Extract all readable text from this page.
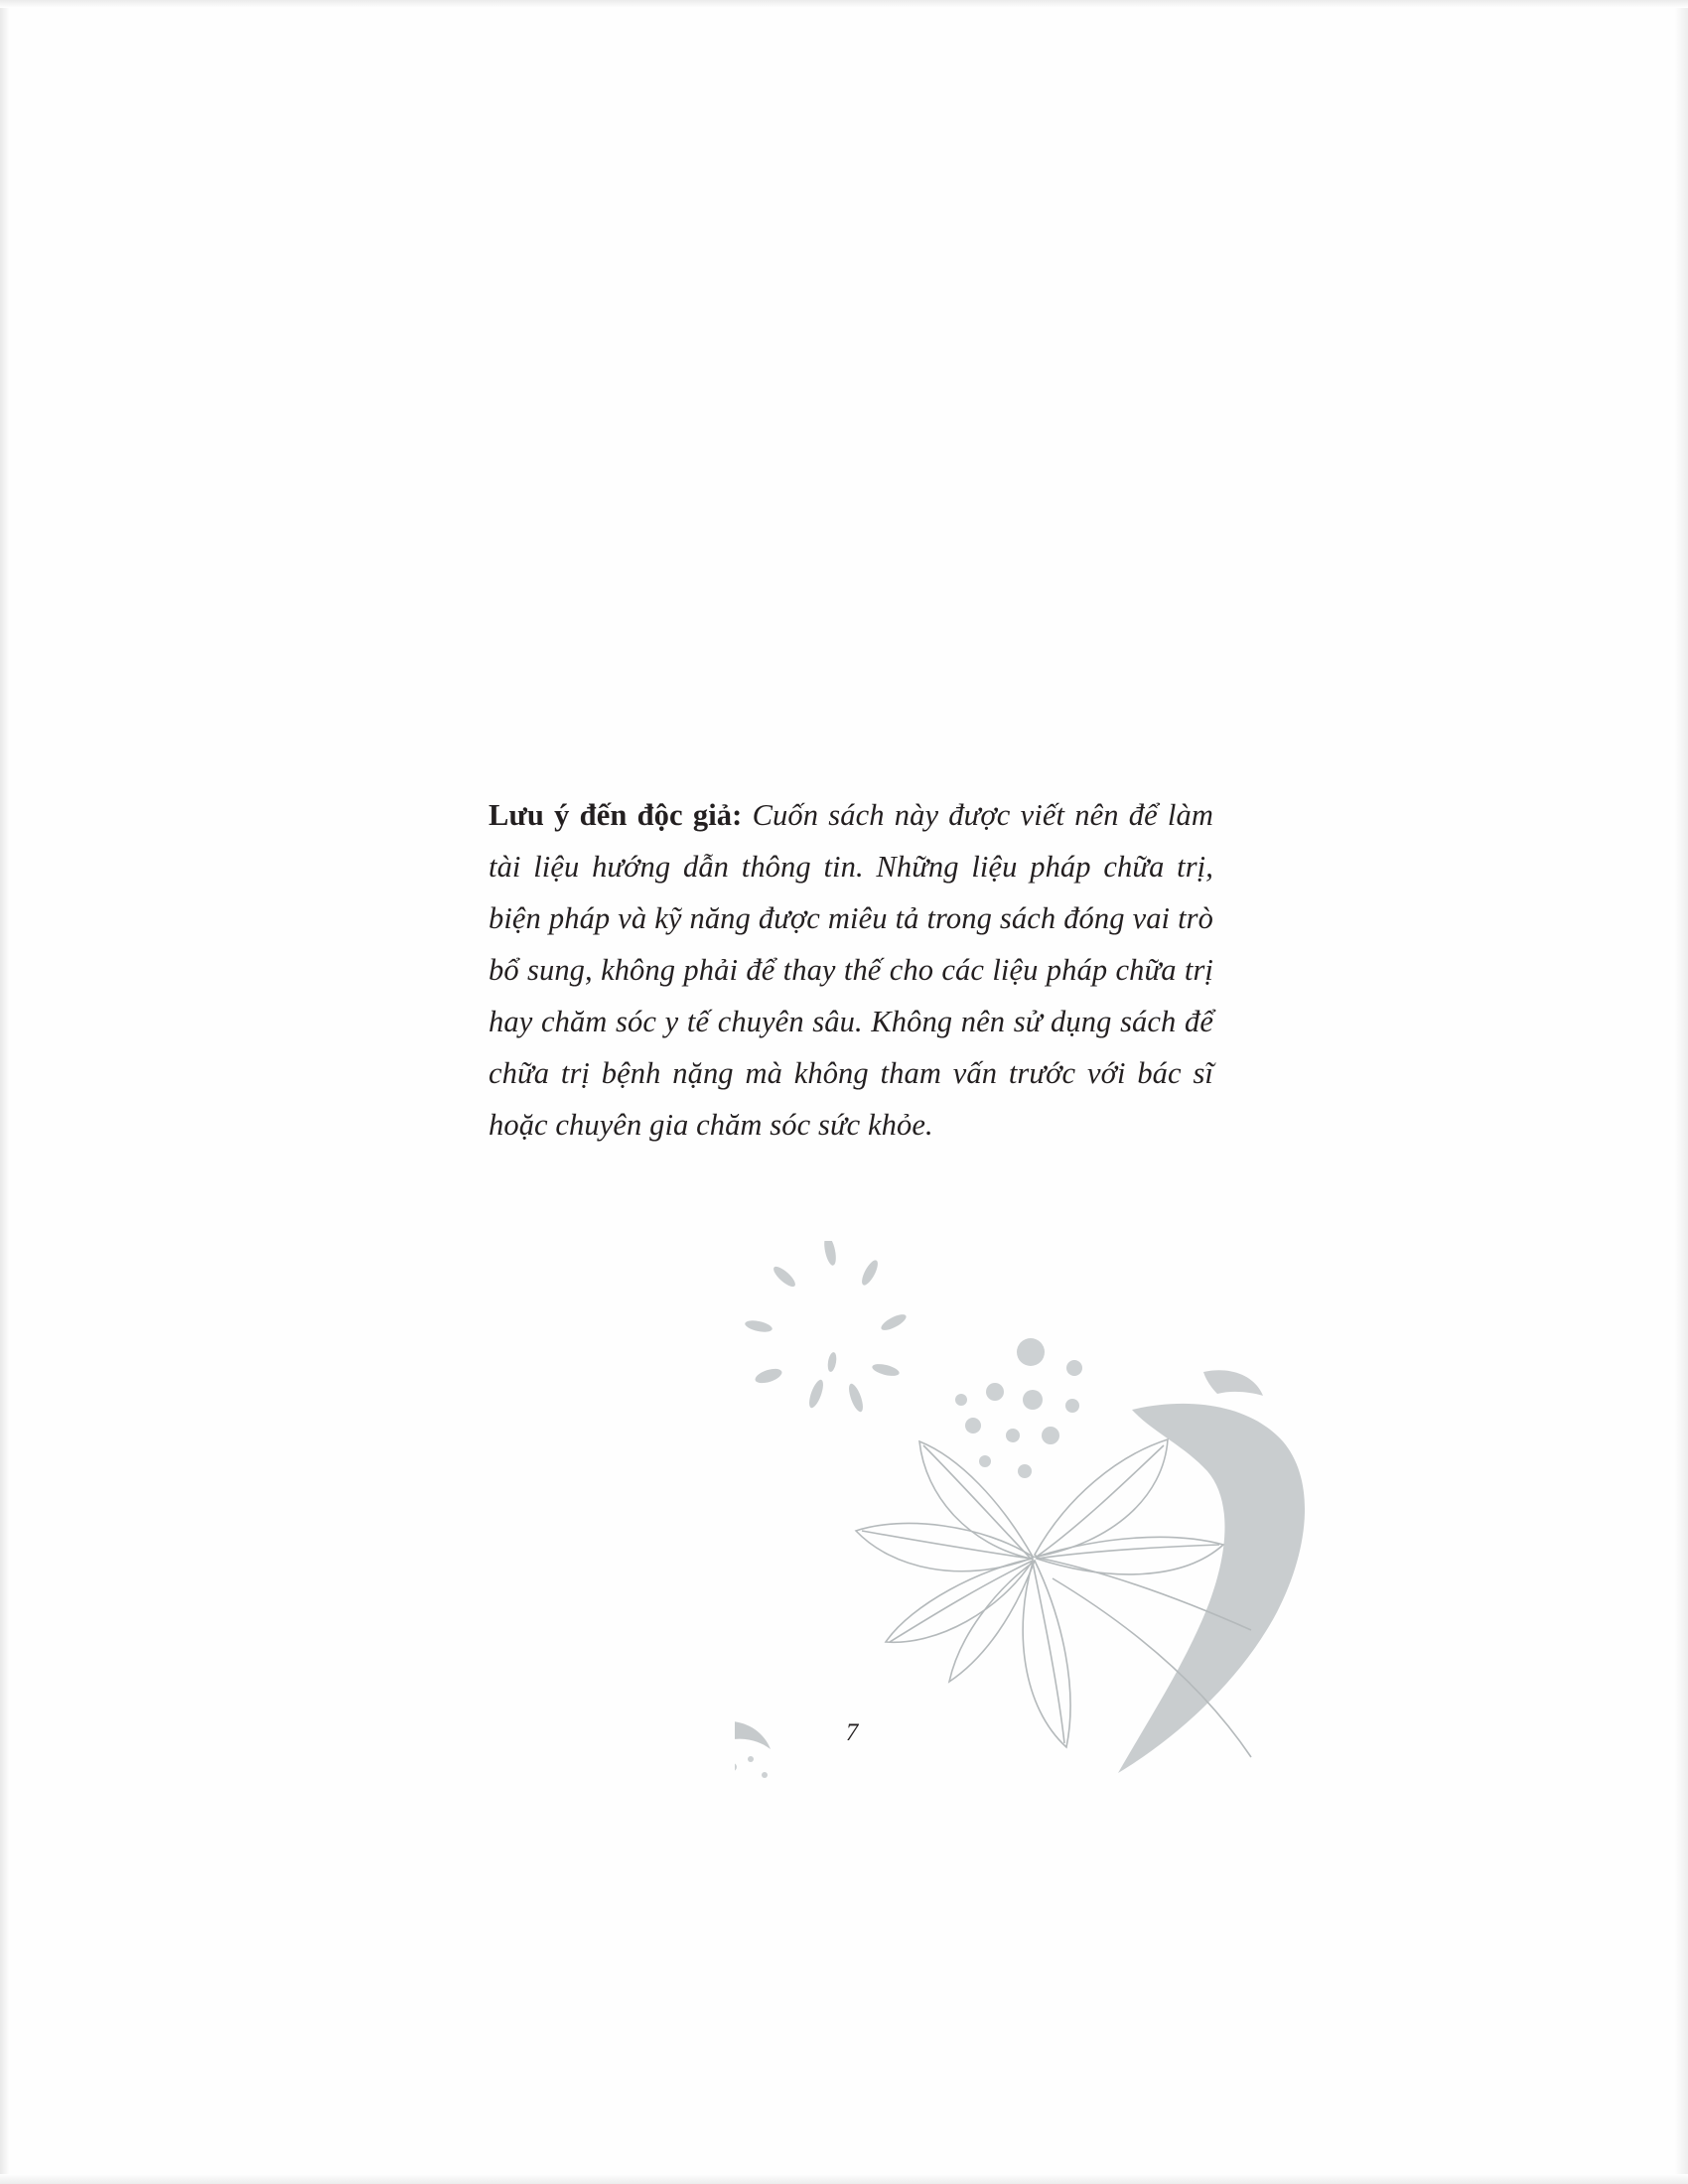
Lưu ý đến độc giả: Cuốn sách này được viết nên để làm tài liệu hướng dẫn thông tin. Những liệu pháp chữa trị, biện pháp và kỹ năng được miêu tả trong sách đóng vai trò bổ sung, không phải để thay thế cho các liệu pháp chữa trị hay chăm sóc y tế chuyên sâu. Không nên sử dụng sách để chữa trị bệnh nặng mà không tham vấn trước với bác sĩ hoặc chuyên gia chăm sóc sức khỏe.

7
